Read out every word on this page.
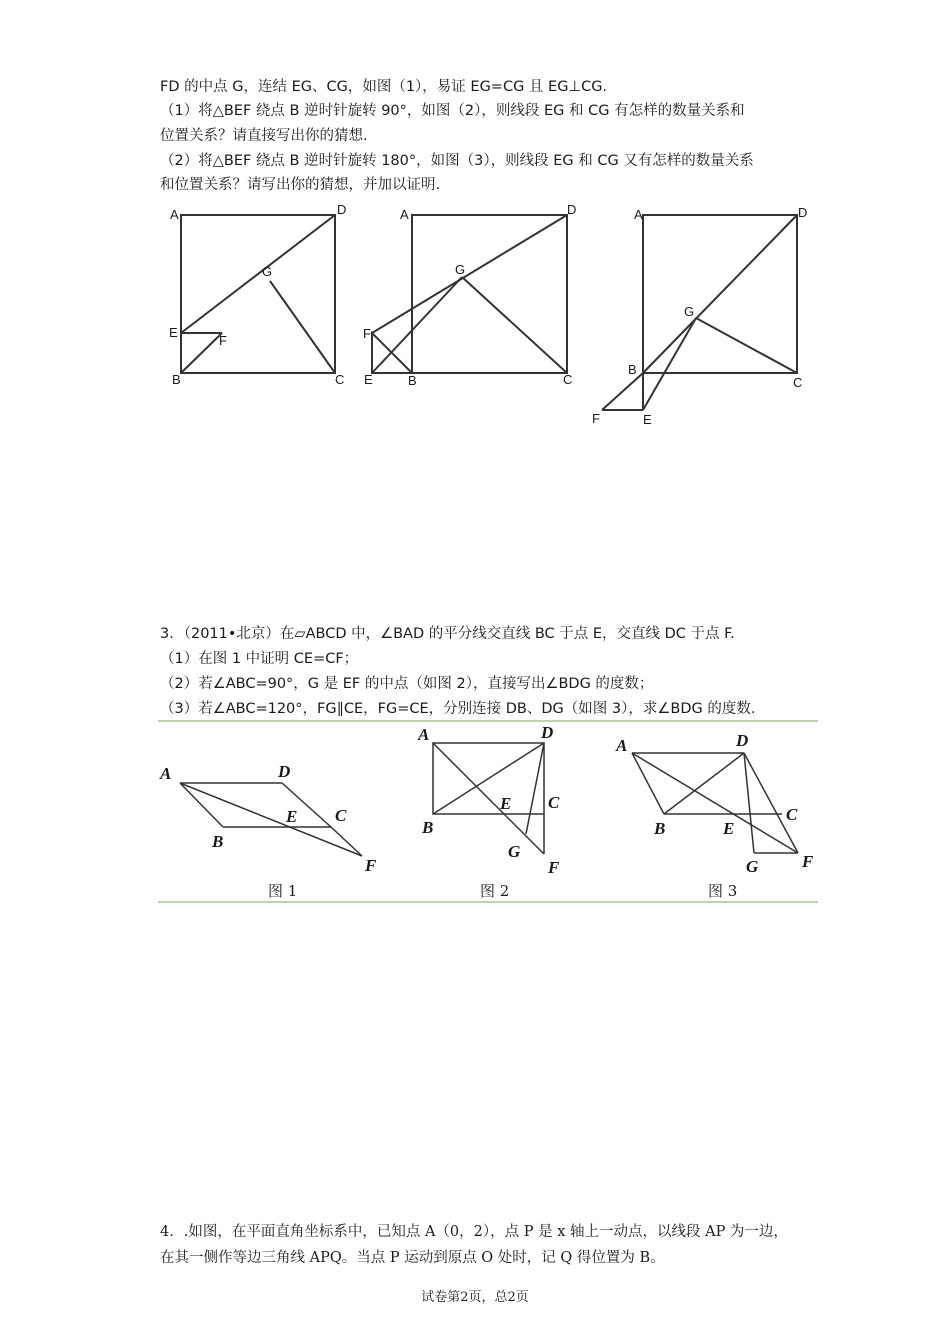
FD 的中点 G，连结 EG、CG，如图（1），易证 EG=CG 且 EG⊥CG.
（1）将△BEF 绕点 B 逆时针旋转 90°，如图（2），则线段 EG 和 CG 有怎样的数量关系和
位置关系？请直接写出你的猜想.
（2）将△BEF 绕点 B 逆时针旋转 180°，如图（3），则线段 EG 和 CG 又有怎样的数量关系
和位置关系？请写出你的猜想，并加以证明.
A	D
G
E
F
B	C
A	D
G
F
E	B	C
A	D
G
B
C
F	E
3．（2011•北京）在▱ABCD 中，∠BAD 的平分线交直线 BC 于点 E，交直线 DC 于点 F.
（1）在图 1 中证明 CE=CF；
（2）若∠ABC=90°，G 是 EF 的中点（如图 2），直接写出∠BDG 的度数；
（3）若∠ABC=120°，FG∥CE，FG=CE，分别连接 DB、DG（如图 3），求∠BDG 的度数.
A	D
C
E
B
F
图 1
A	D
E C
B
G
F
图 2
A	D
C
B	E
G	F
图 3
4．.如图，在平面直角坐标系中，已知点 A（0，2），点 P 是 x 轴上一动点，以线段 AP 为一边，
在其一侧作等边三角线 APQ。当点 P 运动到原点 O 处时，记 Q 得位置为 B。
试卷第2页，总2页
